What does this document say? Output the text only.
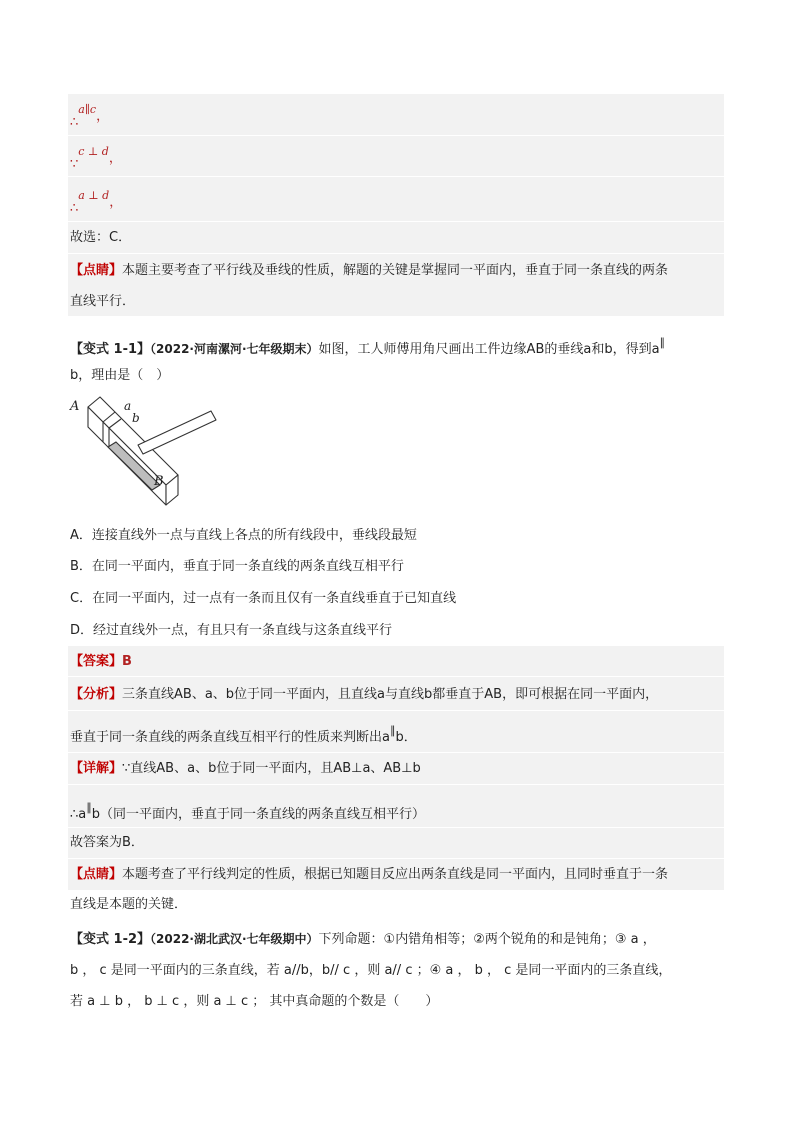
∴$^{a\parallel c}$，
∵$^{c \perp d}$，
∴$^{a \perp d}$，
故选：C．
【点睛】本题主要考查了平行线及垂线的性质，解题的关键是掌握同一平面内，垂直于同一条直线的两条
直线平行．
【变式 1-1】（2022·河南漯河·七年级期末）如图，工人师傅用角尺画出工件边缘AB的垂线a和b，得到a∥
b，理由是（　）
A	a
b
B
A．连接直线外一点与直线上各点的所有线段中，垂线段最短
B．在同一平面内，垂直于同一条直线的两条直线互相平行
C．在同一平面内，过一点有一条而且仅有一条直线垂直于已知直线
D．经过直线外一点，有且只有一条直线与这条直线平行
【答案】B
【分析】三条直线AB、a、b位于同一平面内，且直线a与直线b都垂直于AB，即可根据在同一平面内，
垂直于同一条直线的两条直线互相平行的性质来判断出a∥b．
【详解】∵直线AB、a、b位于同一平面内，且AB⊥a、AB⊥b
∴a∥b（同一平面内，垂直于同一条直线的两条直线互相平行）
故答案为B．
【点睛】本题考查了平行线判定的性质，根据已知题目反应出两条直线是同一平面内，且同时垂直于一条
直线是本题的关键．
【变式 1-2】（2022·湖北武汉·七年级期中）下列命题：①内错角相等；②两个锐角的和是钝角；③ a ，
b ， c 是同一平面内的三条直线，若 a//b，b// c ，则 a// c ；④ a ， b ， c 是同一平面内的三条直线，
若 a ⊥ b ， b ⊥ c ，则 a ⊥ c ； 其中真命题的个数是（　　）
